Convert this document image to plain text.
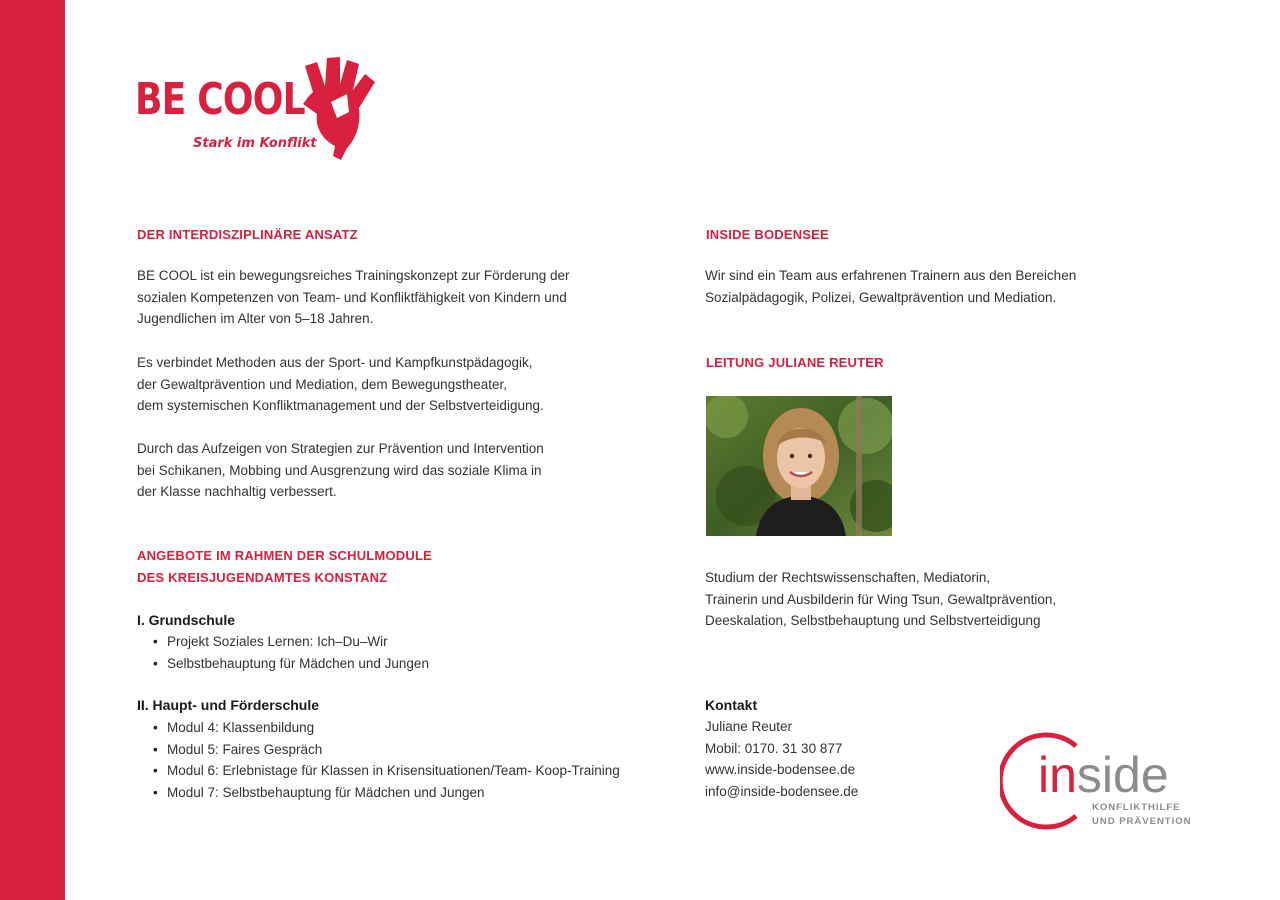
BE COOL
Stark im Konflikt
DER INTERDISZIPLINÄRE ANSATZ

BE COOL ist ein bewegungsreiches Trainingskonzept zur Förderung der
sozialen Kompetenzen von Team- und Konfliktfähigkeit von Kindern und
Jugendlichen im Alter von 5–18 Jahren.

Es verbindet Methoden aus der Sport- und Kampfkunstpädagogik,
der Gewaltprävention und Mediation, dem Bewegungstheater,
dem systemischen Konfliktmanagement und der Selbstverteidigung.

Durch das Aufzeigen von Strategien zur Prävention und Intervention
bei Schikanen, Mobbing und Ausgrenzung wird das soziale Klima in
der Klasse nachhaltig verbessert.

ANGEBOTE IM RAHMEN DER SCHULMODULE
DES KREISJUGENDAMTES KONSTANZ
I. Grundschule
• Projekt Soziales Lernen: Ich–Du–Wir
• Selbstbehauptung für Mädchen und Jungen
II. Haupt- und Förderschule
• Modul 4: Klassenbildung
• Modul 5: Faires Gespräch
• Modul 6: Erlebnistage für Klassen in Krisensituationen/Team- Koop-Training
• Modul 7: Selbstbehauptung für Mädchen und Jungen
INSIDE BODENSEE

Wir sind ein Team aus erfahrenen Trainern aus den Bereichen
Sozialpädagogik, Polizei, Gewaltprävention und Mediation.

LEITUNG JULIANE REUTER

Studium der Rechtswissenschaften, Mediatorin,
Trainerin und Ausbilderin für Wing Tsun, Gewaltprävention,
Deeskalation, Selbstbehauptung und Selbstverteidigung

Kontakt
Juliane Reuter
Mobil: 0170. 31 30 877
www.inside-bodensee.de
info@inside-bodensee.de	inside
KONFLIKTHILFE
UND PRÄVENTION
